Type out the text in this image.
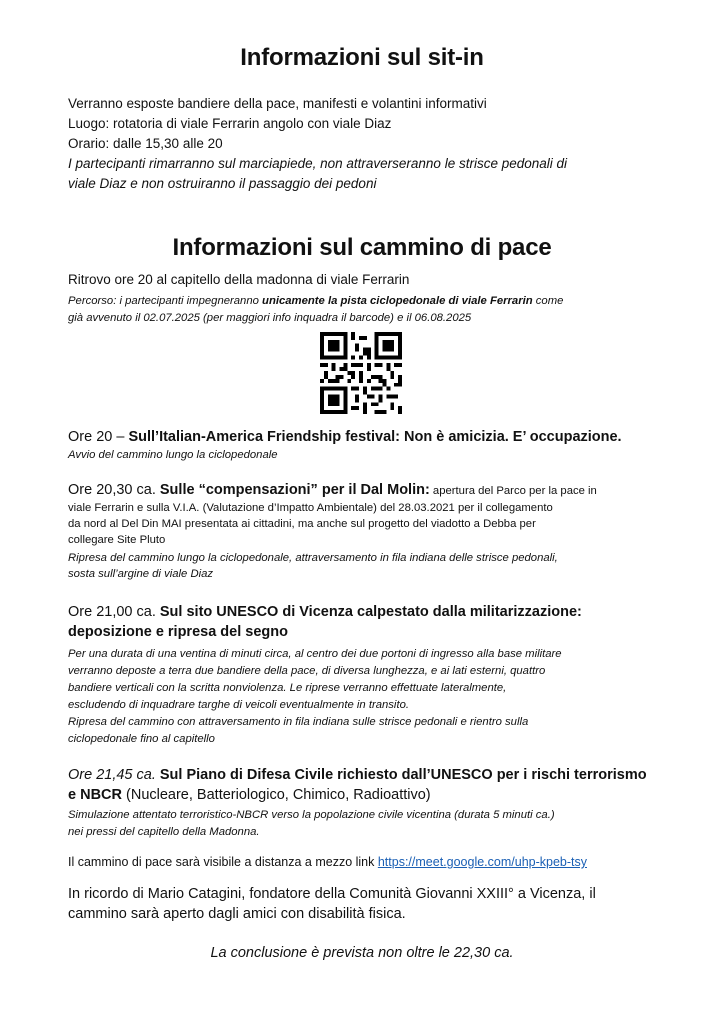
Informazioni sul sit-in
Verranno esposte bandiere della pace, manifesti e volantini informativi
Luogo: rotatoria di viale Ferrarin angolo con viale Diaz
Orario: dalle 15,30 alle 20
I partecipanti rimarranno sul marciapiede, non attraverseranno le strisce pedonali di
viale Diaz e non ostruiranno il passaggio dei pedoni
Informazioni sul cammino di pace
Ritrovo ore 20 al capitello della madonna di viale Ferrarin
Percorso: i partecipanti impegneranno unicamente la pista ciclopedonale di viale Ferrarin come
già avvenuto il 02.07.2025 (per maggiori info inquadra il barcode) e il 06.08.2025
Ore 20 – Sull’Italian-America Friendship festival: Non è amicizia. E’ occupazione.
Avvio del cammino lungo la ciclopedonale
Ore 20,30 ca. Sulle “compensazioni” per il Dal Molin: apertura del Parco per la pace in
viale Ferrarin e sulla V.I.A. (Valutazione d’Impatto Ambientale) del 28.03.2021 per il collegamento
da nord al Del Din MAI presentata ai cittadini, ma anche sul progetto del viadotto a Debba per
collegare Site Pluto
Ripresa del cammino lungo la ciclopedonale, attraversamento in fila indiana delle strisce pedonali,
sosta sull’argine di viale Diaz
Ore 21,00 ca. Sul sito UNESCO di Vicenza calpestato dalla militarizzazione:
deposizione e ripresa del segno
Per una durata di una ventina di minuti circa, al centro dei due portoni di ingresso alla base militare
verranno deposte a terra due bandiere della pace, di diversa lunghezza, e ai lati esterni, quattro
bandiere verticali con la scritta nonviolenza. Le riprese verranno effettuate lateralmente,
escludendo di inquadrare targhe di veicoli eventualmente in transito.
Ripresa del cammino con attraversamento in fila indiana sulle strisce pedonali e rientro sulla
ciclopedonale fino al capitello
Ore 21,45 ca. Sul Piano di Difesa Civile richiesto dall’UNESCO per i rischi terrorismo
e NBCR (Nucleare, Batteriologico, Chimico, Radioattivo)
Simulazione attentato terroristico-NBCR verso la popolazione civile vicentina (durata 5 minuti ca.)
nei pressi del capitello della Madonna.
Il cammino di pace sarà visibile a distanza a mezzo link https://meet.google.com/uhp-kpeb-tsy
In ricordo di Mario Catagini, fondatore della Comunità Giovanni XXIII° a Vicenza, il
cammino sarà aperto dagli amici con disabilità fisica.
La conclusione è prevista non oltre le 22,30 ca.
